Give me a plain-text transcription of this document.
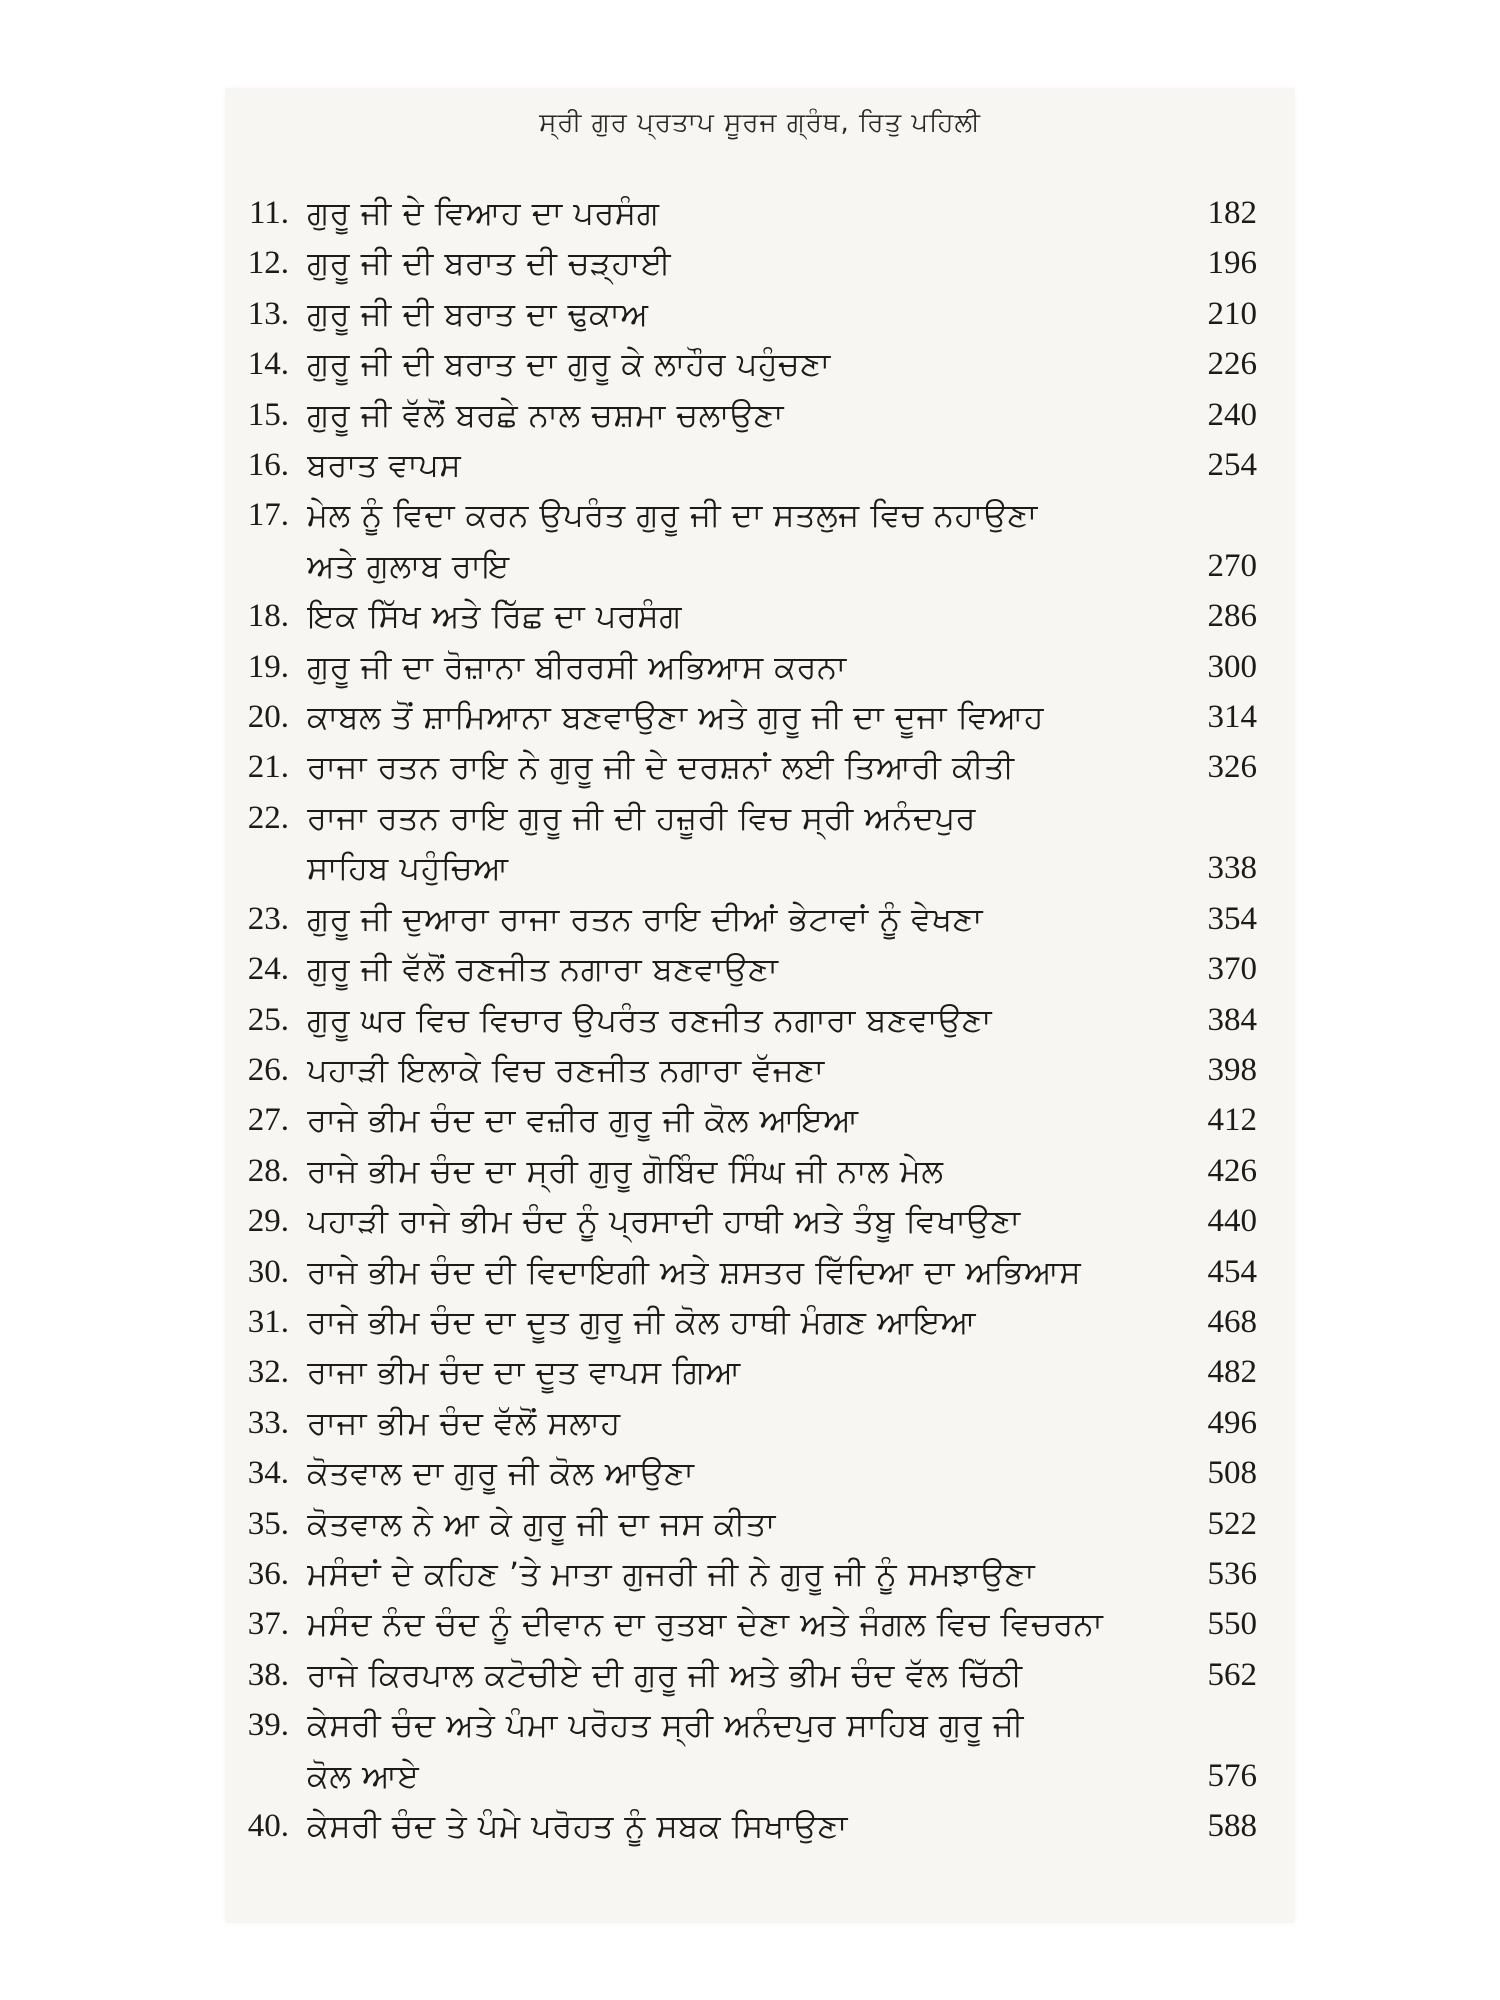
ਸ੍ਰੀ ਗੁਰ ਪ੍ਰਤਾਪ ਸੂਰਜ ਗ੍ਰੰਥ, ਰਿਤੁ ਪਹਿਲੀ
11. ਗੁਰੂ ਜੀ ਦੇ ਵਿਆਹ ਦਾ ਪਰਸੰਗ	182
12. ਗੁਰੂ ਜੀ ਦੀ ਬਰਾਤ ਦੀ ਚੜ੍ਹਾਈ	196
13. ਗੁਰੂ ਜੀ ਦੀ ਬਰਾਤ ਦਾ ਢੁਕਾਅ	210
14. ਗੁਰੂ ਜੀ ਦੀ ਬਰਾਤ ਦਾ ਗੁਰੂ ਕੇ ਲਾਹੌਰ ਪਹੁੰਚਣਾ	226
15. ਗੁਰੂ ਜੀ ਵੱਲੋਂ ਬਰਛੇ ਨਾਲ ਚਸ਼ਮਾ ਚਲਾਉਣਾ	240
16. ਬਰਾਤ ਵਾਪਸ	254
17. ਮੇਲ ਨੂੰ ਵਿਦਾ ਕਰਨ ਉਪਰੰਤ ਗੁਰੂ ਜੀ ਦਾ ਸਤਲੁਜ ਵਿਚ ਨਹਾਉਣਾ
ਅਤੇ ਗੁਲਾਬ ਰਾਇ	270
18. ਇਕ ਸਿੱਖ ਅਤੇ ਰਿੱਛ ਦਾ ਪਰਸੰਗ	286
19. ਗੁਰੂ ਜੀ ਦਾ ਰੋਜ਼ਾਨਾ ਬੀਰਰਸੀ ਅਭਿਆਸ ਕਰਨਾ	300
20. ਕਾਬਲ ਤੋਂ ਸ਼ਾਮਿਆਨਾ ਬਣਵਾਉਣਾ ਅਤੇ ਗੁਰੂ ਜੀ ਦਾ ਦੂਜਾ ਵਿਆਹ	314
21. ਰਾਜਾ ਰਤਨ ਰਾਇ ਨੇ ਗੁਰੂ ਜੀ ਦੇ ਦਰਸ਼ਨਾਂ ਲਈ ਤਿਆਰੀ ਕੀਤੀ	326
22. ਰਾਜਾ ਰਤਨ ਰਾਇ ਗੁਰੂ ਜੀ ਦੀ ਹਜ਼ੂਰੀ ਵਿਚ ਸ੍ਰੀ ਅਨੰਦਪੁਰ
ਸਾਹਿਬ ਪਹੁੰਚਿਆ	338
23. ਗੁਰੂ ਜੀ ਦੁਆਰਾ ਰਾਜਾ ਰਤਨ ਰਾਇ ਦੀਆਂ ਭੇਟਾਵਾਂ ਨੂੰ ਵੇਖਣਾ	354
24. ਗੁਰੂ ਜੀ ਵੱਲੋਂ ਰਣਜੀਤ ਨਗਾਰਾ ਬਣਵਾਉਣਾ	370
25. ਗੁਰੂ ਘਰ ਵਿਚ ਵਿਚਾਰ ਉਪਰੰਤ ਰਣਜੀਤ ਨਗਾਰਾ ਬਣਵਾਉਣਾ	384
26. ਪਹਾੜੀ ਇਲਾਕੇ ਵਿਚ ਰਣਜੀਤ ਨਗਾਰਾ ਵੱਜਣਾ	398
27. ਰਾਜੇ ਭੀਮ ਚੰਦ ਦਾ ਵਜ਼ੀਰ ਗੁਰੂ ਜੀ ਕੋਲ ਆਇਆ	412
28. ਰਾਜੇ ਭੀਮ ਚੰਦ ਦਾ ਸ੍ਰੀ ਗੁਰੂ ਗੋਬਿੰਦ ਸਿੰਘ ਜੀ ਨਾਲ ਮੇਲ	426
29. ਪਹਾੜੀ ਰਾਜੇ ਭੀਮ ਚੰਦ ਨੂੰ ਪ੍ਰਸਾਦੀ ਹਾਥੀ ਅਤੇ ਤੰਬੂ ਵਿਖਾਉਣਾ	440
30. ਰਾਜੇ ਭੀਮ ਚੰਦ ਦੀ ਵਿਦਾਇਗੀ ਅਤੇ ਸ਼ਸਤਰ ਵਿੱਦਿਆ ਦਾ ਅਭਿਆਸ	454
31. ਰਾਜੇ ਭੀਮ ਚੰਦ ਦਾ ਦੂਤ ਗੁਰੂ ਜੀ ਕੋਲ ਹਾਥੀ ਮੰਗਣ ਆਇਆ	468
32. ਰਾਜਾ ਭੀਮ ਚੰਦ ਦਾ ਦੂਤ ਵਾਪਸ ਗਿਆ	482
33. ਰਾਜਾ ਭੀਮ ਚੰਦ ਵੱਲੋਂ ਸਲਾਹ	496
34. ਕੋਤਵਾਲ ਦਾ ਗੁਰੂ ਜੀ ਕੋਲ ਆਉਣਾ	508
35. ਕੋਤਵਾਲ ਨੇ ਆ ਕੇ ਗੁਰੂ ਜੀ ਦਾ ਜਸ ਕੀਤਾ	522
36. ਮਸੰਦਾਂ ਦੇ ਕਹਿਣ ’ਤੇ ਮਾਤਾ ਗੁਜਰੀ ਜੀ ਨੇ ਗੁਰੂ ਜੀ ਨੂੰ ਸਮਝਾਉਣਾ	536
37. ਮਸੰਦ ਨੰਦ ਚੰਦ ਨੂੰ ਦੀਵਾਨ ਦਾ ਰੁਤਬਾ ਦੇਣਾ ਅਤੇ ਜੰਗਲ ਵਿਚ ਵਿਚਰਨਾ	550
38. ਰਾਜੇ ਕਿਰਪਾਲ ਕਟੋਚੀਏ ਦੀ ਗੁਰੂ ਜੀ ਅਤੇ ਭੀਮ ਚੰਦ ਵੱਲ ਚਿੱਠੀ	562
39. ਕੇਸਰੀ ਚੰਦ ਅਤੇ ਪੰਮਾ ਪਰੋਹਤ ਸ੍ਰੀ ਅਨੰਦਪੁਰ ਸਾਹਿਬ ਗੁਰੂ ਜੀ
ਕੋਲ ਆਏ	576
40. ਕੇਸਰੀ ਚੰਦ ਤੇ ਪੰਮੇ ਪਰੋਹਤ ਨੂੰ ਸਬਕ ਸਿਖਾਉਣਾ	588
